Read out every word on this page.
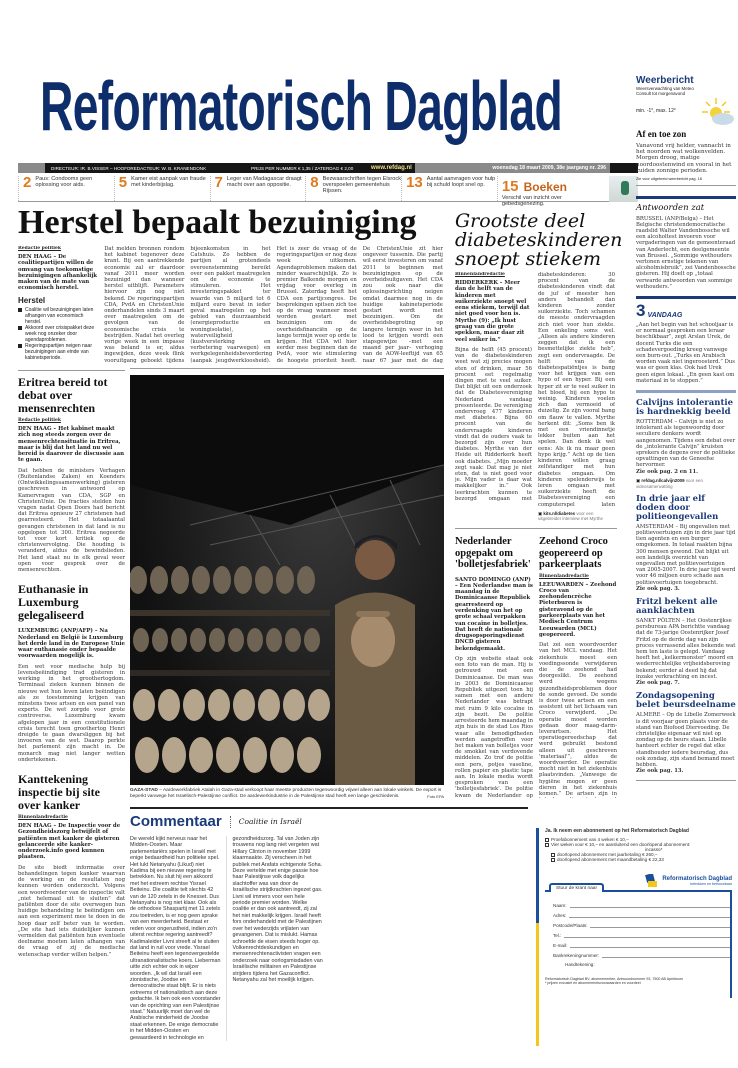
Reformatorisch Dagblad
DIRECTEUR: IR. B.VISSER – HOOFDREDACTEUR: W. B. KRANENDONK	PRIJS PER NUMMER € 1,35 / ZATERDAG € 2,00	www.refdag.nl	woensdag 18 maart 2009, 38e jaargang nr. 296
2 Paus: Condooms geen oplossing voor aids.	5 Kamer eist aanpak van fraude met kinderbijslag.	7 Leger van Madagascar draagt macht over aan oppositie.	8 Bezwaarschriften tegen Elsrock overspoelen gemeentehuis Rijssen.
13 Aantal aanvragen voor hulp bij schuld loopt snel op.	15 Boeken
Verschil van inzicht over gebedsgenezing.
Weerbericht
Weersverwachting van Meteo Consult tot morgenavond
min. -1°, max. 12°
Af en toe zon
Vanavond vrij helder, vannacht in het noorden wat wolkenvelden. Morgen droog, matige noordoostenwind en vooral in het zuiden zonnige perioden.
Zie voor uitgebreid weerbericht pag. 18
Antwoorden zat
BRUSSEL (ANP/Belga) – Het Belgische christendemocratische raadslid Walter Vandenbossche wil een alcoholtest invoeren voor vergaderingen van de gemeenteraad van Anderlecht, een deelgemeente van Brussel. „Sommige wethouders vertonen ernstige tekenen van alcoholmisbruik”, zei Vandenbossche gisteren. Hij doelt op „totaal verwarde antwoorden van sommige wethouders.”
3 VANDAAG
„Aan het begin van het schooljaar is er normaal gesproken een leraar beschikbaar”, zegt Arslan Urek, de docent Turks die een schadevergoeding kreeg vanwege een burn-out. „Turks en Arabisch worden vaak niet ingeroosterd.” Dus was er geen klas. Ook had Urek geen eigen lokaal. „En geen kast om materiaal in te stoppen.”
Calvijns intolerantie is hardnekkig beeld
ROTTERDAM – Calvijn is niet zo intolerant als tegenwoordig door seculiere denkers wordt aangenomen. Tijdens een debat over de „intolerante Calvijn” kruisten sprekers de degens over de politieke opvattingen van de Geneefse hervormer.
Zie ook pag. 2 en 11.
▣ refdag.nl/calvijn2009 voor een videosamenvatting
In drie jaar elf doden door politieongevallen
AMSTERDAM – Bij ongevallen met politievoertuigen zijn in drie jaar tijd tien agenten en een burger omgekomen. In totaal raakten bijna 300 mensen gewond. Dat blijkt uit een landelijk overzicht van ongevallen met politievoertuigen van 2005-2007. In drie jaar tijd werd voor 46 miljoen euro schade aan politievoertuigen toegebracht.
Zie ook pag. 3.
Fritzl bekent alle aanklachten
SANKT PÖLTEN – Het Oostenrijkse persbureau APA berichtte vandaag dat de 73-jarige Oostenrijker Josef Fritzl op de derde dag van zijn proces verrassend alles bekende wat hem ten laste is gelegd. Vandaag heeft het „kelkermonster” moord en wederrechtelijke vrijheidsberoving bekend; eerder al deed hij dat inzake verkrachting en incest.
Zie ook pag. 7.
Zondagsopening belet beursdeelname
ALMERE – Op de Libelle Zomerweek is dit voorjaar geen plaats voor de stand van Biofood Diervoeding. De christelijke eigenaar wil niet op zondag op de beurs staan. Libelle hanteert echter de regel dat elke standhouder iedere beursdag, dus ook zondag, zijn stand bemand moet hebben.
Zie ook pag. 13.
Herstel bepaalt bezuiniging
Redactie politiek
DEN HAAG – De coalitiepartijen willen de omvang van toekomstige bezuinigingen afhankelijk maken van de mate van economisch herstel.
Herstel
Coalitie wil bezuinigingen laten afhangen van economisch herstel.
Akkoord over crisispakket deze week nog onzeker door agendaproblemen.
Regeringspartijen neigen naar bezuinigingen aan einde van kabinetsperiode.
Dat melden bronnen rondom het kabinet tegenover deze krant. Bij een aantrekkende economie zal er daardoor vanaf 2011 meer worden bezuinigd dan wanneer herstel uitblijft. Parameters hiervoor zijn nog niet bekend. De regeringspartijen CDA, PvdA en ChristenUnie onderhandelen sinds 3 maart over maatregelen om de gevolgen van de economische crisis te bestrijden. Nadat het overleg vorige week in een impasse was beland is er, aldus ingewijden, deze week flink vooruitgang geboekt tijdens bijeenkomsten in het Catshuis. Zo hebben de partijen al grotendeels overeenstemming bereikt over een pakket maatregelen om de economie te stimuleren. Het investeringspakket ter waarde van 5 miljard tot 6 miljard euro bevat in ieder geval maatregelen op het gebied van duurzaamheid (energieproductie en woningisolatie), waterveiligheid (kustversterking en verbetering vaarwegen) en werkgelegenheidsbevordering (aanpak jeugdwerkloosheid). Het is zeer de vraag of de regeringspartijen er nog deze week uitkomen. Agendaproblemen maken dat minder waarschijnlijk. Zo is premier Balkende morgen en vrijdag voor overleg in Brussel. Zaterdag heeft het CDA een partijcongres. De besprekingen spitsen zich toe op de vraag wanneer moet worden gestart met bezuinigen om de overheidsfinanciën op de lange termijn weer op orde te krijgen. Het CDA wil hier eerder mee beginnen dan de PvdA, voor wie stimulering de hoogste prioriteit heeft. De ChristenUnie zit hier ongeveer tussenin. Die partij wil eerst investeren om vanaf 2011 te beginnen met bezuinigingen op de overheidsuitgaven. Het CDA zou ook naar die oplossingsrichting neigen omdat daarmee nog in de huidige kabinetsperiode gestart wordt met bezuinigen. Om de overheidsbegroting op langere termijn weer in het lood te krijgen wordt een stapsgewijze –met een maand per jaar– verhoging van de AOW-leeftijd van 65 naar 67 jaar met de dag
Grootste deel diabeteskinderen snoept stiekem
Binnenlandredactie
RIDDERKERK – Meer dan de helft van de kinderen met suikerziekte snoept wel eens stiekem, terwijl dat niet goed voor hen is. Myrthe (9): „Ik hust graag van die grote spekken, maar daar zit veel suiker in.”
Bijna de helft (45 procent) van de diabeteskinderen weet wat zij precies mogen eten of drinken, maar 56 procent eet regelmatig dingen met te veel suiker. Dat blijkt uit een onderzoek dat de Diabetesvereniging Nederland vandaag presenteerde. De vereniging ondervroeg 477 kinderen met diabetes. Bijna 60 procent van de ondervraagde kinderen vindt dat de ouders vaak te bezorgd zijn over hun diabetes. Myrthe van der Heide uit Ridderkerk heeft ook diabetes. „Mijn moeder zegt vaak: Dat mag je niet eten, dat is niet goed voor je. Mijn vader is daar wat makkelijker in.” Ook leerkrachten kunnen te bezorgd omgaan met diabeteskinderen: 30 procent van de diabeteskinderen vindt dat de juf of meester hen anders behandelt dan kinderen zonder suikerziekte. Toch schamen de meeste ondervraagden zich niet voor hun ziekte. Een enkeling soms wel. „Alleen als andere kinderen zeggen dat ik een besmettelijke ziekte heb”, zegt een ondervraagde. De helft van de diabetespatiëntjes is bang voor het krijgen van een hypo of een hyper. Bij een hyper zit er te veel suiker in het bloed, bij een hypo te weinig. Kinderen voelen zich dan vermoeid of duizelig. Ze zijn vooral bang om flauw te vallen. Myrthe herkent dit: „Soms ben ik met een vriendinnetje lekker buiten aan het spelen. Dan denk ik wel eens: Als ik nu maar geen hypo krijg.” Acht op de tien kinderen willen graag zelfstandiger met hun diabetes omgaan. Om kinderen spelenderwijs te leren omgaan met suikerziekte heeft de Diabetesvereniging een computerspel laten
▣ kits.nl/diabetes voor een uitgebreider interview met Myrthe
Nederlander opgepakt om 'bolletjesfabriek'
SANTO DOMINGO (ANP) – Een Nederlandse man is maandag in de Dominicaanse Republiek gearresteerd op verdenking van het op grote schaal verpakken van cocaïne in bolletjes. Dat heeft de nationale drugsopsporingsdienst DNCD gisteren bekendgemaakt.
Op zijn website staat ook een foto van de man. Hij is getrouwd met een Dominicaanse. De man was in 2003 de Dominicaanse Republiek uitgezet toen hij samen met een andere Nederlander was betrapt met ruim 9 kilo cocaïne in zijn bezit. De politie arresteerde hem maandag in zijn huis in de stad Los Rios waar alle benodigdheden werden aangetroffen voor het maken van bolletjes voor de smokkel van verdovende middelen. Zo trof de politie een pers, potjes vaseline, rollen papier en plastic tape aan. In lokale media wordt gesproken van een 'bolletjesfabriek'. De politie kwam de Nederlander op
Zeehond Croco geopereerd op parkeerplaats
Binnenlandredactie
LEEUWARDEN – Zeehond Croco van zeehondencrèche Pieterburen is gisteravond op de parkeerplaats van het Medisch Centrum Leeuwarden (MCL) geopereerd.
Dat zei een woordvoerder van het MCL vandaag. Het ziekenhuis moest een voedingssonde verwijderen die de zeehond had doorgeslikt. De zeehond werd wegens gezondheidsproblemen door de sonde gevoed. De sonde is door twee artsen en een assistent uit het lichaam van Croco verwijderd. „De operatie moest worden gedaan door maag-darm-leverartsen. Het operatiegereedschap dat werd gebruikt bestond alleen uit geschreven 'materiaal'”, aldus de woordvoerder. De operatie mocht niet in het ziekenhuis plaatsvinden. „Vanwege de hygiëne mogen er geen dieren in het ziekenhuis komen.” De artsen zijn in
Eritrea bereid tot debat over mensenrechten
Redactie politiek
DEN HAAG – Het kabinet maakt zich nog steeds zorgen over de mensenrechtensituatie in Eritrea, maar is blij dat het land nu wel bereid is daarover de discussie aan te gaan.
Dat hebben de ministers Verhagen (Buitenlandse Zaken) en Koenders (Ontwikkelingssamenwerking) gisteren geschreven in antwoord op Kamervragen van CDA, SGP en ChristenUnie. De fracties stelden hun vragen nadat Open Doors had bericht dat Eritrea opnieuw 27 christenen had gearresteerd. Het totaalaantal gevangen christenen in dat land is nu opgelopen tot 300. Eritrea negeerde tot voor kort kritiek op de christenvervolging. Die houding is veranderd, aldus de bewindslieden. Het land staat nu in elk geval weer open voor gesprek over de mensenrechten.
Euthanasie in Luxemburg gelegaliseerd
LUXEMBURG (ANP/AFP) – Na Nederland en België is Luxemburg het derde land in de Europese Unie waar euthanasie onder bepaalde voorwaarden mogelijk is.
Een wet voor medische hulp bij levensbeëindiging trad gisteren in werking in het groothertogdom. Terminaal zieken kunnen binnen de nieuwe wet hun leven laten beëindigen als ze toestemming krijgen van minstens twee artsen en een panel van experts. De wet zorgde voor grote controverse. Luxemburg kwam afgelopen jaar in een constitutionele crisis terecht toen groothertog Henri dreigde te gaan dwarsliggen bij het invoeren van de wet. Daarop perkte het parlement zijn macht in. De monarch mag niet langer wetten ondertekenen.
Kanttekening inspectie bij site over kanker
Binnenlandredactie
DEN HAAG – De Inspectie voor de Gezondheidszorg betwijfelt of patiënten met kanker de gisteren gelanceerde site kanker-onderzoek.info goed kunnen plaatsen.
De site biedt informatie over behandelingen tegen kanker waarvan de werking en de resultaten nog kunnen worden onderzocht. Volgens een woordvoerder van de inspectie valt „niet helemaal uit te sluiten” dat patiënten door de site overwegen hun huidige behandeling te beëindigen om aan een experiment mee te doen in de hoop daar zelf beter van te worden. „De site had iets duidelijker kunnen vermelden dat patiënten hun eventuele deelname moeten laten afhangen van de vraag of zij de medische wetenschap verder willen helpen.”
GAZA-STAD – Aardewerkfabriek Atalah in Gaza-stad verkoopt haar meeste producten tegenwoordig vrijwel alleen aan lokale winkels. De export is beperkt vanwege het Israëlisch-Palestijnse conflict. De aardewerkindustrie in de Palestijnse stad heeft een lange geschiedenis.	Foto EPA
Commentaar Coalitie in Israël
De wereld kijkt nerveus naar het Midden-Oosten. Maar parlementariërs spelen in Israël met enige bedaardheid hun politieke spel. Het lukt Netanyahu (Likud) niet Kadima bij een nieuwe regering te betrekken. Nu sluit hij een akkoord met het extreem rechtse Yisrael Beiteinu. Die coalitie telt slechts 42 van de 120 zetels in de Knesset. Dus Netanyahu is nog niet klaar. Ook als de orthodoxe Shaspartij met 11 zetels zou toetreden, is er nog geen sprake van een meerderheid. Bestaat er reden voor ongerustheid, indien zo'n uiterst rechtse regering aantreedt? Kadimaleider Livni streeft al te sluiten dat land in ruil voor vrede. Yisrael Beiteinu heeft een tegenovergestelde ultranationalistische koers. Lieberman uitte zich echter ook in wijzer woorden. „Ik wil dat Israël een zionistische, Joodse en democratische staat blijft. Er is niets extreems of nationalistisch aan deze gedachte. Ik ben ook een voorstander van de oprichting van een Palestijnse staat.” Natuurlijk moet dan wel de Arabische minderheid de Joodse staat erkennen. De enige democratie in het Midden-Oosten en gewaardeerd in technologie en gezondheidszorg. Tal van Joden zijn trouwens nog lang niet vergeten wat Hillary Clinton in november 1999 klaarmaakte. Zij verscheen in het publiek met Arafats echtgenote Soha. Deze vertelde met enige passie hoe haar Palestijnse volk dagelijks slachtoffer was van door de Israëlische strijdkrachten ingezet gas. Livni wil immers voor een hele periode premier worden. Welke coalitie er dan ook aantreedt, zij zal het niet makkelijk krijgen. Israël heeft fors onderhandeld met de Palestijnen over het wederzijds vrijlaten van gevangenen. Dat is mislukt. Hamas schroefde de eisen steeds hoger op. Volkenrechtdeskundigen en mensenrechtenactivisten vragen een onderzoek naar oorlogsmisdaden van Israëlische militairen en Palestijnse strijders tijdens het Gazaconflict. Netanyahu zal het moeilijk krijgen.
Ja. Ik neem een abonnement op het Reformatorisch Dagblad
Proefabonnement van 4 weken € 10,–
Vier weken voor € 10,– en aansluitend een doorlopend abonnement:
incasso*
doorlopend abonnement met jaarbetaling € 260,–
doorlopend abonnement met maandbetaling € 22,33
Reformatorisch Dagblad
betrokken en betrouwbaar
Stuur de krant naar
Naam:
Adres:
Postcode/Plaats:
Tel.:
E-mail:
Bankrekeningnummer:
Handtekening:
Reformatorisch Dagblad BV, abonnementen, Antwoordnummer 93, 7500 AB Apeldoorn
* prijzen excusief en abonnementsvoorwaarden en voordeel
